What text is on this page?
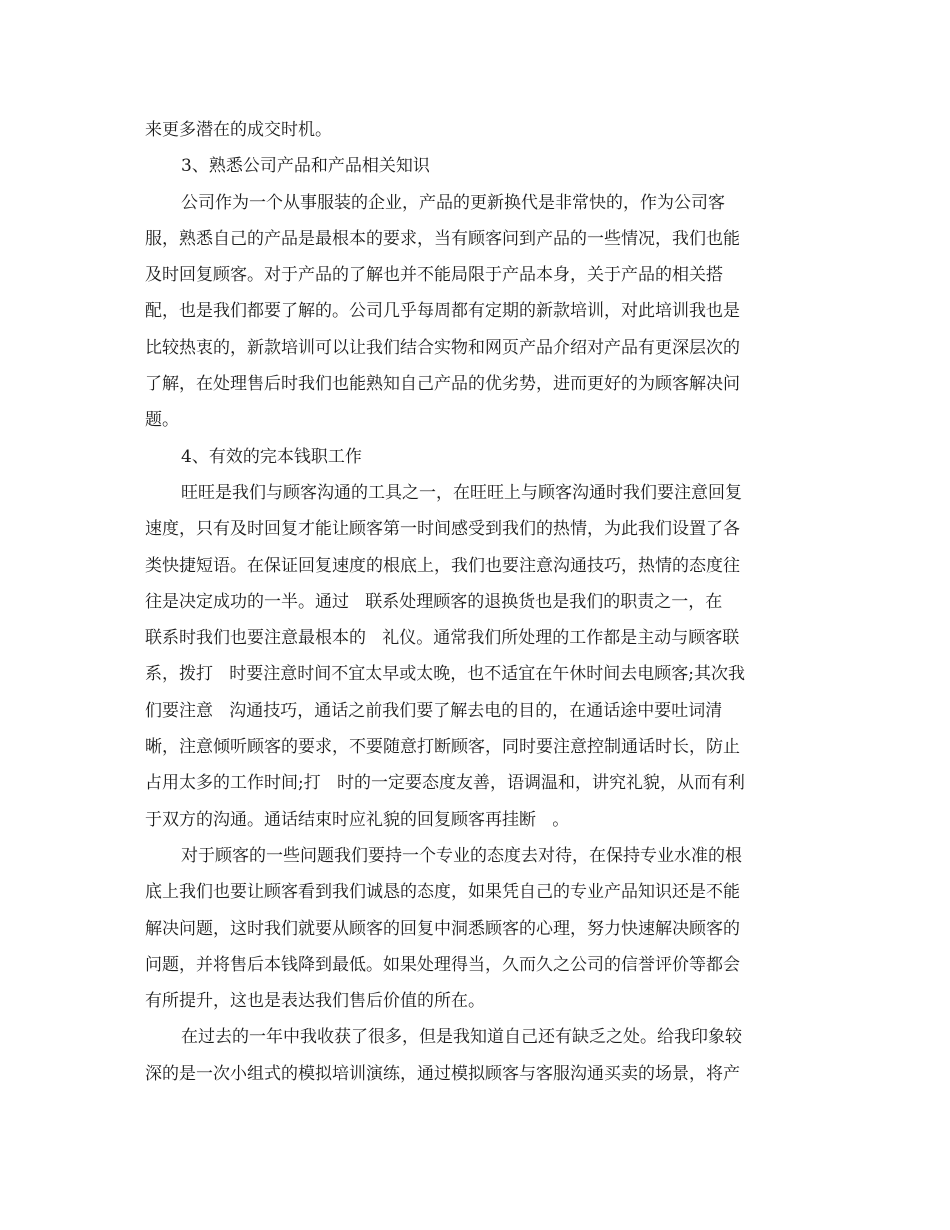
来更多潜在的成交时机。
3、熟悉公司产品和产品相关知识
公司作为一个从事服装的企业，产品的更新换代是非常快的，作为公司客
服，熟悉自己的产品是最根本的要求，当有顾客问到产品的一些情况，我们也能
及时回复顾客。对于产品的了解也并不能局限于产品本身，关于产品的相关搭
配，也是我们都要了解的。公司几乎每周都有定期的新款培训，对此培训我也是
比较热衷的，新款培训可以让我们结合实物和网页产品介绍对产品有更深层次的
了解，在处理售后时我们也能熟知自己产品的优劣势，进而更好的为顾客解决问
题。
4、有效的完本钱职工作
旺旺是我们与顾客沟通的工具之一，在旺旺上与顾客沟通时我们要注意回复
速度，只有及时回复才能让顾客第一时间感受到我们的热情，为此我们设置了各
类快捷短语。在保证回复速度的根底上，我们也要注意沟通技巧，热情的态度往
往是决定成功的一半。通过   联系处理顾客的退换货也是我们的职责之一，在
联系时我们也要注意最根本的   礼仪。通常我们所处理的工作都是主动与顾客联
系，拨打   时要注意时间不宜太早或太晚，也不适宜在午休时间去电顾客;其次我
们要注意   沟通技巧，通话之前我们要了解去电的目的，在通话途中要吐词清
晰，注意倾听顾客的要求，不要随意打断顾客，同时要注意控制通话时长，防止
占用太多的工作时间;打   时的一定要态度友善，语调温和，讲究礼貌，从而有利
于双方的沟通。通话结束时应礼貌的回复顾客再挂断   。
对于顾客的一些问题我们要持一个专业的态度去对待，在保持专业水准的根
底上我们也要让顾客看到我们诚恳的态度，如果凭自己的专业产品知识还是不能
解决问题，这时我们就要从顾客的回复中洞悉顾客的心理，努力快速解决顾客的
问题，并将售后本钱降到最低。如果处理得当，久而久之公司的信誉评价等都会
有所提升，这也是表达我们售后价值的所在。
在过去的一年中我收获了很多，但是我知道自己还有缺乏之处。给我印象较
深的是一次小组式的模拟培训演练，通过模拟顾客与客服沟通买卖的场景，将产
